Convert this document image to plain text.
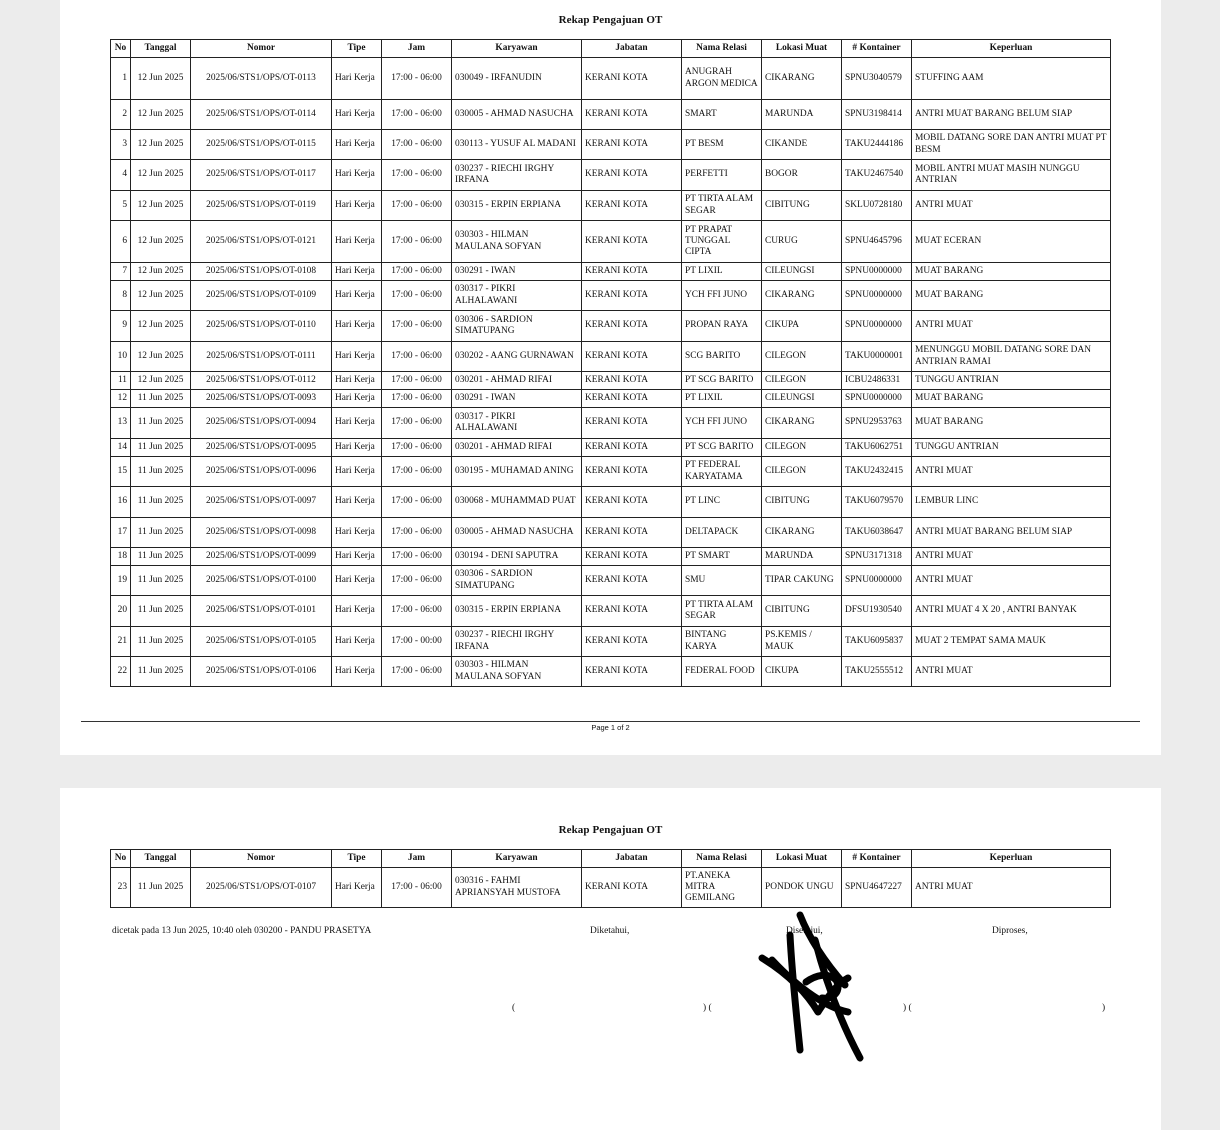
Rekap Pengajuan OT
No	Tanggal	Nomor	Tipe	Jam	Karyawan	Jabatan	Nama Relasi	Lokasi Muat	# Kontainer	Keperluan
1	12 Jun 2025	2025/06/STS1/OPS/OT-0113	Hari Kerja	17:00 - 06:00	030049 - IRFANUDIN	KERANI KOTA	ANUGRAH ARGON MEDICA	CIKARANG	SPNU3040579	STUFFING AAM
2	12 Jun 2025	2025/06/STS1/OPS/OT-0114	Hari Kerja	17:00 - 06:00	030005 - AHMAD NASUCHA	KERANI KOTA	SMART	MARUNDA	SPNU3198414	ANTRI MUAT BARANG BELUM SIAP
3	12 Jun 2025	2025/06/STS1/OPS/OT-0115	Hari Kerja	17:00 - 06:00	030113 - YUSUF AL MADANI	KERANI KOTA	PT BESM	CIKANDE	TAKU2444186	MOBIL DATANG SORE DAN ANTRI MUAT PT BESM
4	12 Jun 2025	2025/06/STS1/OPS/OT-0117	Hari Kerja	17:00 - 06:00	030237 - RIECHI IRGHY IRFANA	KERANI KOTA	PERFETTI	BOGOR	TAKU2467540	MOBIL ANTRI MUAT MASIH NUNGGU ANTRIAN
5	12 Jun 2025	2025/06/STS1/OPS/OT-0119	Hari Kerja	17:00 - 06:00	030315 - ERPIN ERPIANA	KERANI KOTA	PT TIRTA ALAM SEGAR	CIBITUNG	SKLU0728180	ANTRI MUAT
6	12 Jun 2025	2025/06/STS1/OPS/OT-0121	Hari Kerja	17:00 - 06:00	030303 - HILMAN MAULANA SOFYAN	KERANI KOTA	PT PRAPAT TUNGGAL CIPTA	CURUG	SPNU4645796	MUAT ECERAN
7	12 Jun 2025	2025/06/STS1/OPS/OT-0108	Hari Kerja	17:00 - 06:00	030291 - IWAN	KERANI KOTA	PT LIXIL	CILEUNGSI	SPNU0000000	MUAT BARANG
8	12 Jun 2025	2025/06/STS1/OPS/OT-0109	Hari Kerja	17:00 - 06:00	030317 - PIKRI ALHALAWANI	KERANI KOTA	YCH FFI JUNO	CIKARANG	SPNU0000000	MUAT BARANG
9	12 Jun 2025	2025/06/STS1/OPS/OT-0110	Hari Kerja	17:00 - 06:00	030306 - SARDION SIMATUPANG	KERANI KOTA	PROPAN RAYA	CIKUPA	SPNU0000000	ANTRI MUAT
10	12 Jun 2025	2025/06/STS1/OPS/OT-0111	Hari Kerja	17:00 - 06:00	030202 - AANG GURNAWAN	KERANI KOTA	SCG BARITO	CILEGON	TAKU0000001	MENUNGGU MOBIL DATANG SORE DAN ANTRIAN RAMAI
11	12 Jun 2025	2025/06/STS1/OPS/OT-0112	Hari Kerja	17:00 - 06:00	030201 - AHMAD RIFAI	KERANI KOTA	PT SCG BARITO	CILEGON	ICBU2486331	TUNGGU ANTRIAN
12	11 Jun 2025	2025/06/STS1/OPS/OT-0093	Hari Kerja	17:00 - 06:00	030291 - IWAN	KERANI KOTA	PT LIXIL	CILEUNGSI	SPNU0000000	MUAT BARANG
13	11 Jun 2025	2025/06/STS1/OPS/OT-0094	Hari Kerja	17:00 - 06:00	030317 - PIKRI ALHALAWANI	KERANI KOTA	YCH FFI JUNO	CIKARANG	SPNU2953763	MUAT BARANG
14	11 Jun 2025	2025/06/STS1/OPS/OT-0095	Hari Kerja	17:00 - 06:00	030201 - AHMAD RIFAI	KERANI KOTA	PT SCG BARITO	CILEGON	TAKU6062751	TUNGGU ANTRIAN
15	11 Jun 2025	2025/06/STS1/OPS/OT-0096	Hari Kerja	17:00 - 06:00	030195 - MUHAMAD ANING	KERANI KOTA	PT FEDERAL KARYATAMA	CILEGON	TAKU2432415	ANTRI MUAT
16	11 Jun 2025	2025/06/STS1/OPS/OT-0097	Hari Kerja	17:00 - 06:00	030068 - MUHAMMAD PUAT	KERANI KOTA	PT LINC	CIBITUNG	TAKU6079570	LEMBUR LINC
17	11 Jun 2025	2025/06/STS1/OPS/OT-0098	Hari Kerja	17:00 - 06:00	030005 - AHMAD NASUCHA	KERANI KOTA	DELTAPACK	CIKARANG	TAKU6038647	ANTRI MUAT BARANG BELUM SIAP
18	11 Jun 2025	2025/06/STS1/OPS/OT-0099	Hari Kerja	17:00 - 06:00	030194 - DENI SAPUTRA	KERANI KOTA	PT SMART	MARUNDA	SPNU3171318	ANTRI MUAT
19	11 Jun 2025	2025/06/STS1/OPS/OT-0100	Hari Kerja	17:00 - 06:00	030306 - SARDION SIMATUPANG	KERANI KOTA	SMU	TIPAR CAKUNG	SPNU0000000	ANTRI MUAT
20	11 Jun 2025	2025/06/STS1/OPS/OT-0101	Hari Kerja	17:00 - 06:00	030315 - ERPIN ERPIANA	KERANI KOTA	PT TIRTA ALAM SEGAR	CIBITUNG	DFSU1930540	ANTRI MUAT 4 X 20 , ANTRI BANYAK
21	11 Jun 2025	2025/06/STS1/OPS/OT-0105	Hari Kerja	17:00 - 00:00	030237 - RIECHI IRGHY IRFANA	KERANI KOTA	BINTANG KARYA	PS.KEMIS / MAUK	TAKU6095837	MUAT 2 TEMPAT SAMA MAUK
22	11 Jun 2025	2025/06/STS1/OPS/OT-0106	Hari Kerja	17:00 - 06:00	030303 - HILMAN MAULANA SOFYAN	KERANI KOTA	FEDERAL FOOD	CIKUPA	TAKU2555512	ANTRI MUAT
Page 1 of 2
Rekap Pengajuan OT
No	Tanggal	Nomor	Tipe	Jam	Karyawan	Jabatan	Nama Relasi	Lokasi Muat	# Kontainer	Keperluan
23	11 Jun 2025	2025/06/STS1/OPS/OT-0107	Hari Kerja	17:00 - 06:00	030316 - FAHMI APRIANSYAH MUSTOFA	KERANI KOTA	PT.ANEKA MITRA GEMILANG	PONDOK UNGU	SPNU4647227	ANTRI MUAT
dicetak pada 13 Jun 2025, 10:40 oleh 030200 - PANDU PRASETYA	Diketahui,	Disetujui,	Diproses,
(	) (	) (	)
